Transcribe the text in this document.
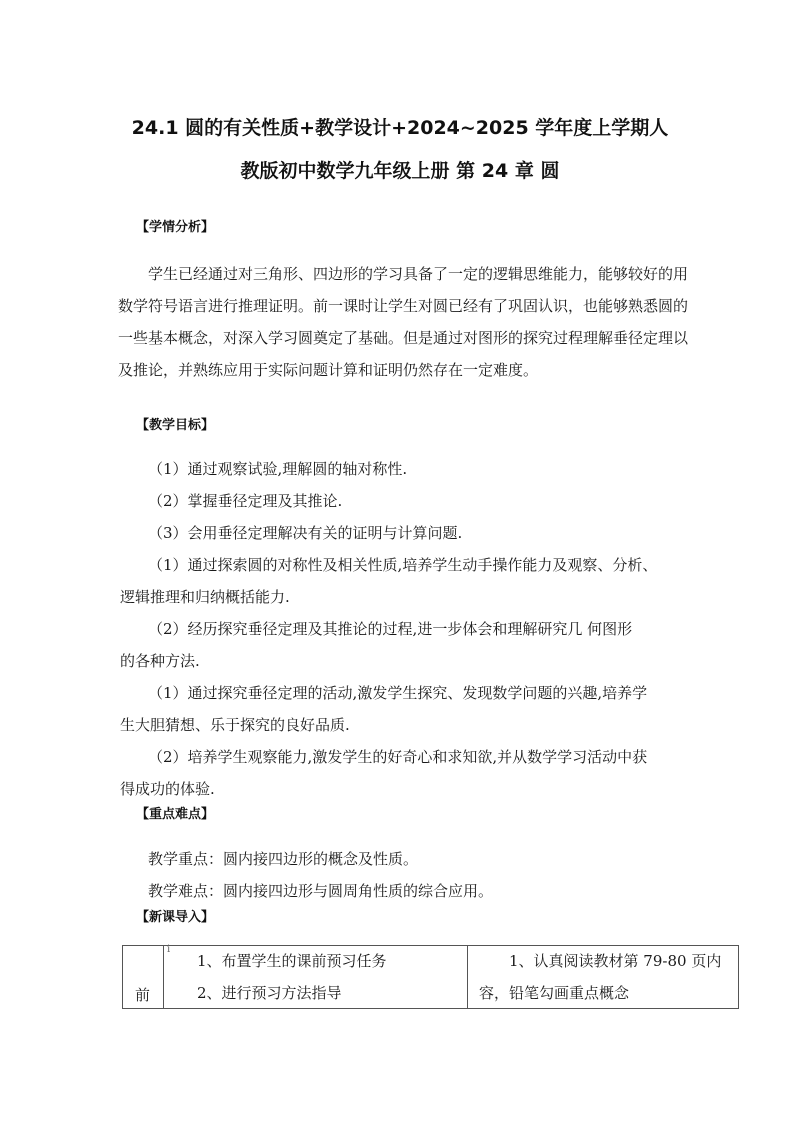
24.1 圆的有关性质+教学设计+2024~2025 学年度上学期人
教版初中数学九年级上册 第 24 章 圆
【学情分析】
学生已经通过对三角形、四边形的学习具备了一定的逻辑思维能力，能够较好的用数学符号语言进行推理证明。前一课时让学生对圆已经有了巩固认识，也能够熟悉圆的一些基本概念，对深入学习圆奠定了基础。但是通过对图形的探究过程理解垂径定理以及推论，并熟练应用于实际问题计算和证明仍然存在一定难度。
【教学目标】
（1）通过观察试验,理解圆的轴对称性.
（2）掌握垂径定理及其推论.
（3）会用垂径定理解决有关的证明与计算问题.
（1）通过探索圆的对称性及相关性质,培养学生动手操作能力及观察、分析、
逻辑推理和归纳概括能力.
（2）经历探究垂径定理及其推论的过程,进一步体会和理解研究几 何图形
的各种方法.
（1）通过探究垂径定理的活动,激发学生探究、发现数学问题的兴趣,培养学
生大胆猜想、乐于探究的良好品质.
（2）培养学生观察能力,激发学生的好奇心和求知欲,并从数学学习活动中获
得成功的体验.
【重点难点】
教学重点：圆内接四边形的概念及性质。
教学难点：圆内接四边形与圆周角性质的综合应用。
【新课导入】
前
i
1、布置学生的课前预习任务
2、进行预习方法指导
1、认真阅读教材第 79-80 页内
容，铅笔勾画重点概念
